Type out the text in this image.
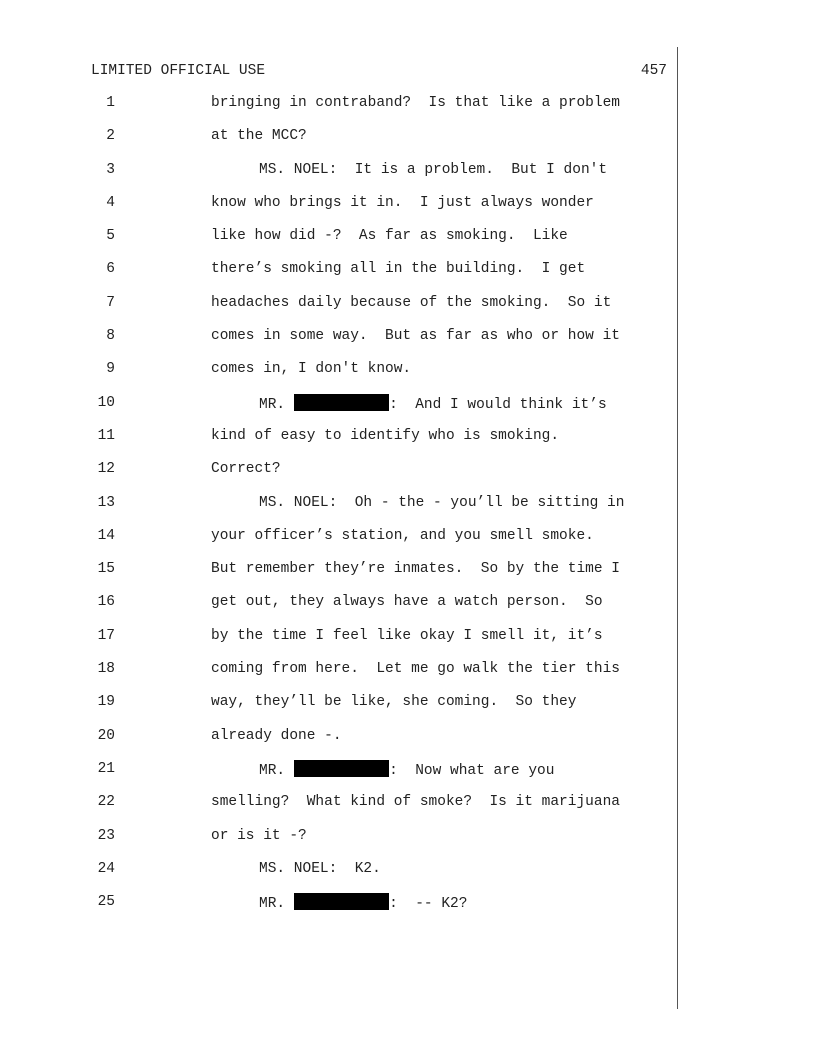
LIMITED OFFICIAL USE	457
1	bringing in contraband?  Is that like a problem
2	at the MCC?
3	MS. NOEL:  It is a problem.  But I don't
4	know who brings it in.  I just always wonder
5	like how did -?  As far as smoking.  Like
6	there’s smoking all in the building.  I get
7	headaches daily because of the smoking.  So it
8	comes in some way.  But as far as who or how it
9	comes in, I don't know.
10	MR.	:  And I would think it’s
11	kind of easy to identify who is smoking.
12	Correct?
13	MS. NOEL:  Oh - the - you’ll be sitting in
14	your officer’s station, and you smell smoke.
15	But remember they’re inmates.  So by the time I
16	get out, they always have a watch person.  So
17	by the time I feel like okay I smell it, it’s
18	coming from here.  Let me go walk the tier this
19	way, they’ll be like, she coming.  So they
20	already done -.
21	MR.	:  Now what are you
22	smelling?  What kind of smoke?  Is it marijuana
23	or is it -?
24	MS. NOEL:  K2.
25	MR.	:  -- K2?
